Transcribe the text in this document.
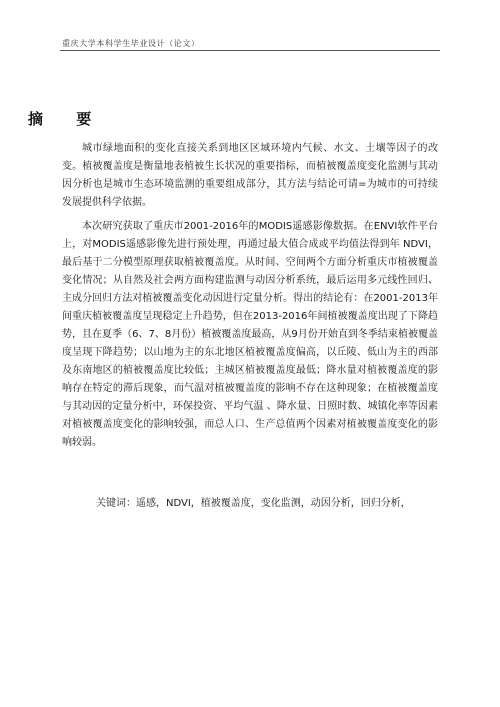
重庆大学本科学生毕业设计（论文）
摘 要

城市绿地面积的变化直接关系到地区区域环境内气候、水文、土壤等因子的改变。植被覆盖度是衡量地表植被生长状况的重要指标，而植被覆盖度变化监测与其动因分析也是城市生态环境监测的重要组成部分，其方法与结论可请=为城市的可持续发展提供科学依据。

本次研究获取了重庆市2001-2016年的MODIS遥感影像数据。在ENVI软件平台上，对MODIS遥感影像先进行预处理，再通过最大值合成或平均值法得到年 NDVI，最后基于二分模型原理获取植被覆盖度。从时间、空间两个方面分析重庆市植被覆盖变化情况；从自然及社会两方面构建监测与动因分析系统，最后运用多元线性回归、主成分回归方法对植被覆盖变化动因进行定量分析。得出的结论有：在2001-2013年间重庆植被覆盖度呈现稳定上升趋势，但在2013-2016年间植被覆盖度出现了下降趋势，且在夏季（6、7、8月份）植被覆盖度最高，从9月份开始直到冬季结束植被覆盖度呈现下降趋势；以山地为主的东北地区植被覆盖度偏高，以丘陵、低山为主的西部及东南地区的植被覆盖度比较低；主城区植被覆盖度最低；降水量对植被覆盖度的影响存在特定的滞后现象，而气温对植被覆盖度的影响不存在这种现象；在植被覆盖度与其动因的定量分析中，环保投资、平均气温 、降水量、日照时数、城镇化率等因素对植被覆盖度变化的影响较强，而总人口、生产总值两个因素对植被覆盖度变化的影响较弱。

关键词：遥感，NDVI，植被覆盖度，变化监测，动因分析，回归分析，
